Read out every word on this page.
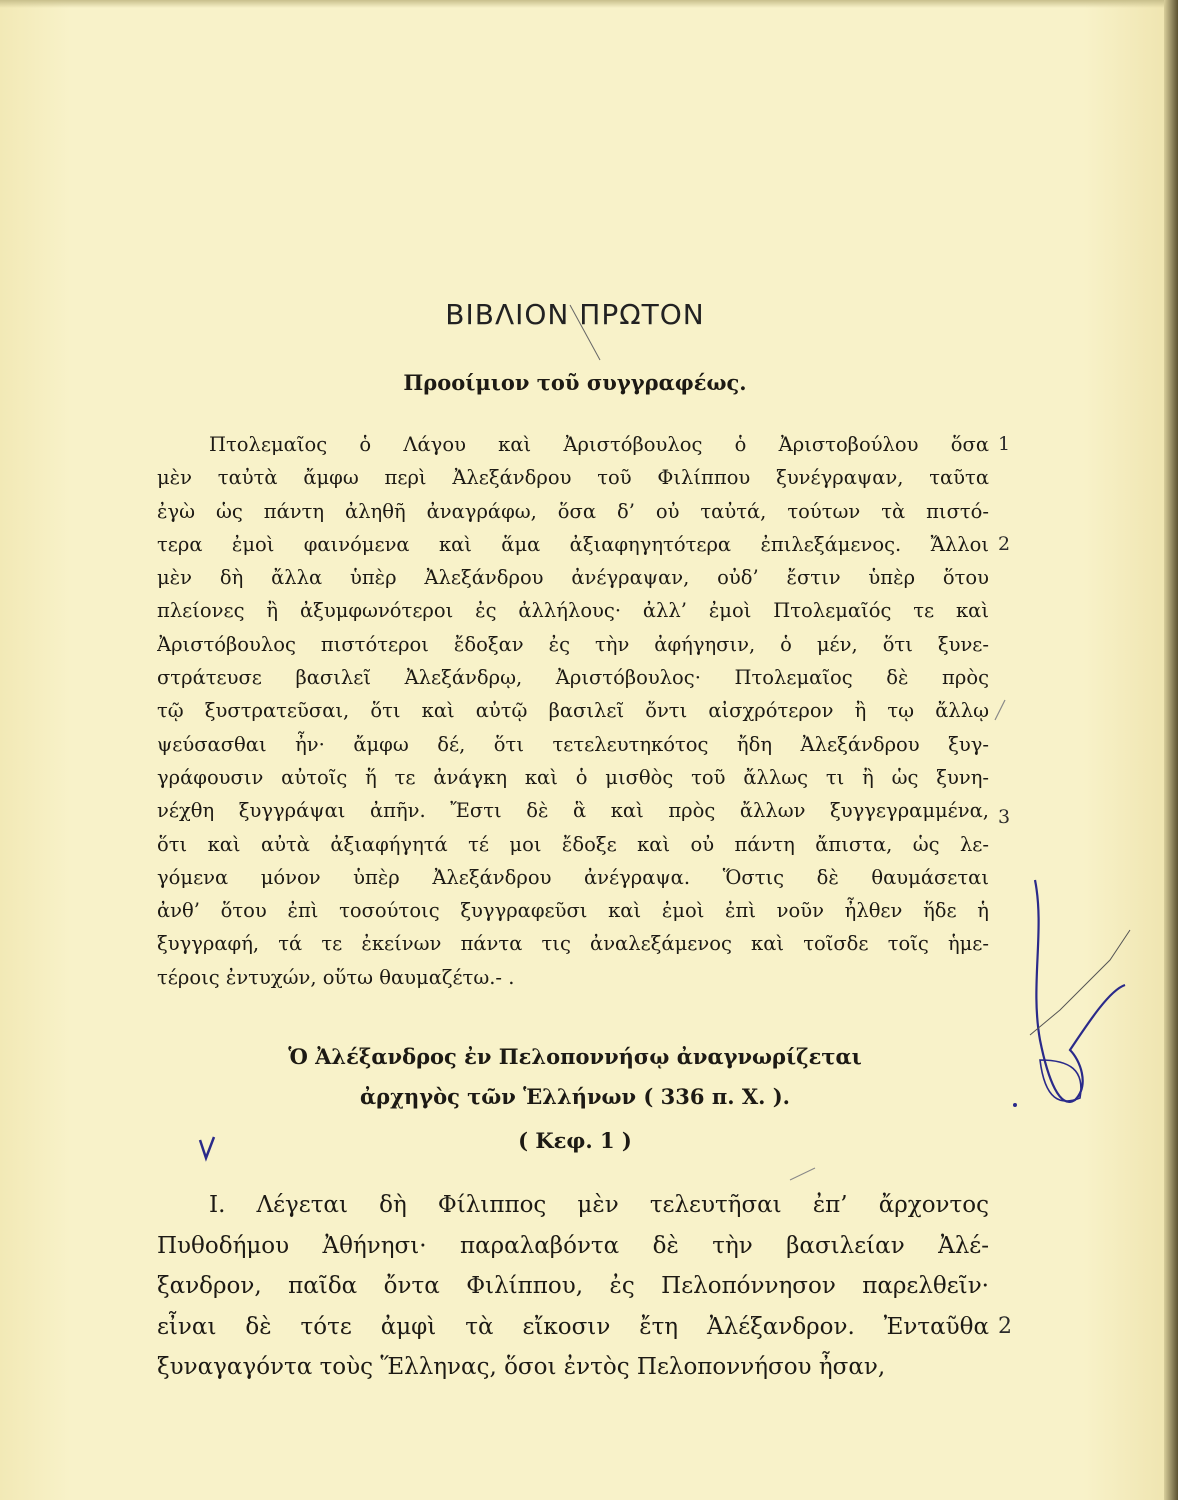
ΒΙΒΛΙΟΝ ΠΡΩΤΟΝ
Προοίμιον τοῦ συγγραφέως.
Πτολεμαῖος ὁ Λάγου καὶ Ἀριστόβουλος ὁ Ἀριστοβούλου ὅσα
μὲν ταὐτὰ ἄμφω περὶ Ἀλεξάνδρου τοῦ Φιλίππου ξυνέγραψαν, ταῦτα
ἐγὼ ὡς πάντη ἀληθῆ ἀναγράφω, ὅσα δ’ οὐ ταὐτά, τούτων τὰ πιστό-
τερα ἐμοὶ φαινόμενα καὶ ἅμα ἀξιαφηγητότερα ἐπιλεξάμενος. Ἄλλοι
μὲν δὴ ἄλλα ὑπὲρ Ἀλεξάνδρου ἀνέγραψαν, οὐδ’ ἔστιν ὑπὲρ ὅτου
πλείονες ἢ ἀξυμφωνότεροι ἐς ἀλλήλους· ἀλλ’ ἐμοὶ Πτολεμαῖός τε καὶ
Ἀριστόβουλος πιστότεροι ἔδοξαν ἐς τὴν ἀφήγησιν, ὁ μέν, ὅτι ξυνε-
στράτευσε βασιλεῖ Ἀλεξάνδρῳ, Ἀριστόβουλος· Πτολεμαῖος δὲ πρὸς
τῷ ξυστρατεῦσαι, ὅτι καὶ αὐτῷ βασιλεῖ ὄντι αἰσχρότερον ἢ τῳ ἄλλῳ
ψεύσασθαι ἦν· ἄμφω δέ, ὅτι τετελευτηκότος ἤδη Ἀλεξάνδρου ξυγ-
γράφουσιν αὐτοῖς ἥ τε ἀνάγκη καὶ ὁ μισθὸς τοῦ ἄλλως τι ἢ ὡς ξυνη-
νέχθη ξυγγράψαι ἀπῆν. Ἔστι δὲ ἃ καὶ πρὸς ἄλλων ξυγγεγραμμένα,
ὅτι καὶ αὐτὰ ἀξιαφήγητά τέ μοι ἔδοξε καὶ οὐ πάντη ἄπιστα, ὡς λε-
γόμενα μόνον ὑπὲρ Ἀλεξάνδρου ἀνέγραψα. Ὅστις δὲ θαυμάσεται
ἀνθ’ ὅτου ἐπὶ τοσούτοις ξυγγραφεῦσι καὶ ἐμοὶ ἐπὶ νοῦν ἦλθεν ἥδε ἡ
ξυγγραφή, τά τε ἐκείνων πάντα τις ἀναλεξάμενος καὶ τοῖσδε τοῖς ἡμε-
τέροις ἐντυχών, οὕτω θαυμαζέτω.- .
1
2
3
Ὁ Ἀλέξανδρος ἐν Πελοποννήσῳ ἀναγνωρίζεται
ἀρχηγὸς τῶν Ἑλλήνων ( 336 π. Χ. ).
( Κεφ. 1 )
I. Λέγεται δὴ Φίλιππος μὲν τελευτῆσαι ἐπ’ ἄρχοντος
Πυθοδήμου Ἀθήνησι· παραλαβόντα δὲ τὴν βασιλείαν Ἀλέ-
ξανδρον, παῖδα ὄντα Φιλίππου, ἐς Πελοπόννησον παρελθεῖν·
εἶναι δὲ τότε ἀμφὶ τὰ εἴκοσιν ἔτη Ἀλέξανδρον. Ἐνταῦθα
ξυναγαγόντα τοὺς Ἕλληνας, ὅσοι ἐντὸς Πελοποννήσου ἦσαν,
2
